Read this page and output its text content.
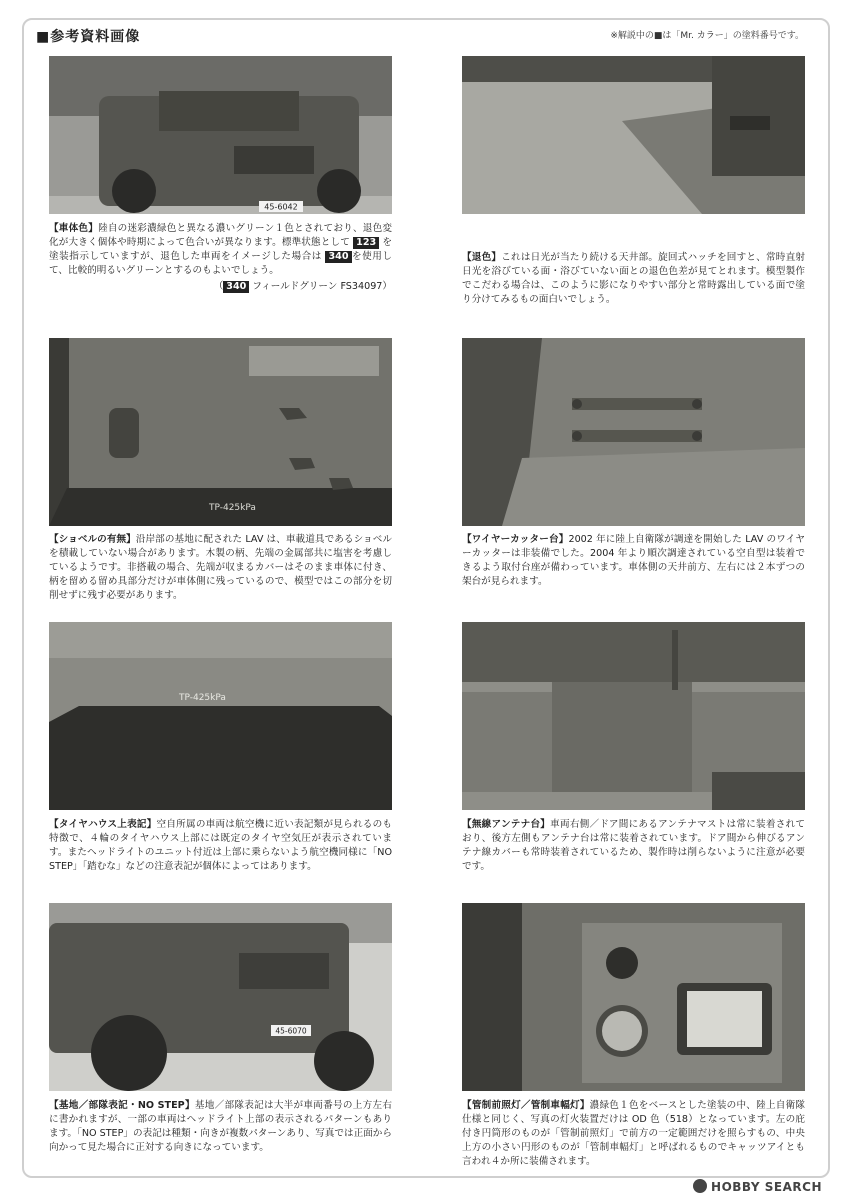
■参考資料画像	※解説中の■は「Mr. カラー」の塗料番号です。
45-6042
【車体色】陸自の迷彩濃緑色と異なる濃いグリーン１色とされており、退色変化が大きく個体や時期によって色合いが異なります。標準状態として 123 を塗装指示していますが、退色した車両をイメージした場合は 340 を使用して、比較的明るいグリーンとするのもよいでしょう。
（ 340 フィールドグリーン FS34097）
【退色】これは日光が当たり続ける天井部。旋回式ハッチを回すと、常時直射日光を浴びている面・浴びていない面との退色色差が見てとれます。模型製作でこだわる場合は、このように影になりやすい部分と常時露出している面で塗り分けてみるもの面白いでしょう。
TP-425kPa
【ショベルの有無】沿岸部の基地に配された LAV は、車載道具であるショベルを積載していない場合があります。木製の柄、先端の金属部共に塩害を考慮しているようです。非搭載の場合、先端が収まるカバーはそのまま車体に付き、柄を留める留め具部分だけが車体側に残っているので、模型ではこの部分を切削せずに残す必要があります。
【ワイヤーカッター台】2002 年に陸上自衛隊が調達を開始した LAV のワイヤーカッターは非装備でした。2004 年より順次調達されている空自型は装着できるよう取付台座が備わっています。車体側の天井前方、左右には２本ずつの架台が見られます。
TP-425kPa
【タイヤハウス上表記】空自所属の車両は航空機に近い表記類が見られるのも特徴で、４輪のタイヤハウス上部には既定のタイヤ空気圧が表示されています。またヘッドライトのユニット付近は上部に乗らないよう航空機同様に「NO STEP」「踏むな」などの注意表記が個体によってはあります。
【無線アンテナ台】車両右側／ドア間にあるアンテナマストは常に装着されており、後方左側もアンテナ台は常に装着されています。ドア間から伸びるアンテナ線カバーも常時装着されているため、製作時は削らないように注意が必要です。
45-6070
【基地／部隊表記・NO STEP】基地／部隊表記は大半が車両番号の上方左右に書かれますが、一部の車両はヘッドライト上部の表示されるパターンもあります。「NO STEP」の表記は種類・向きが複数パターンあり、写真では正面から向かって見た場合に正対する向きになっています。
【管制前照灯／管制車幅灯】濃緑色１色をベースとした塗装の中、陸上自衛隊仕様と同じく、写真の灯火装置だけは OD 色（518）となっています。左の庇付き円筒形のものが「管制前照灯」で前方の一定範囲だけを照らすもの、中央上方の小さい円形のものが「管制車幅灯」と呼ばれるものでキャッツアイとも言われ４か所に装備されます。
HOBBY SEARCH
